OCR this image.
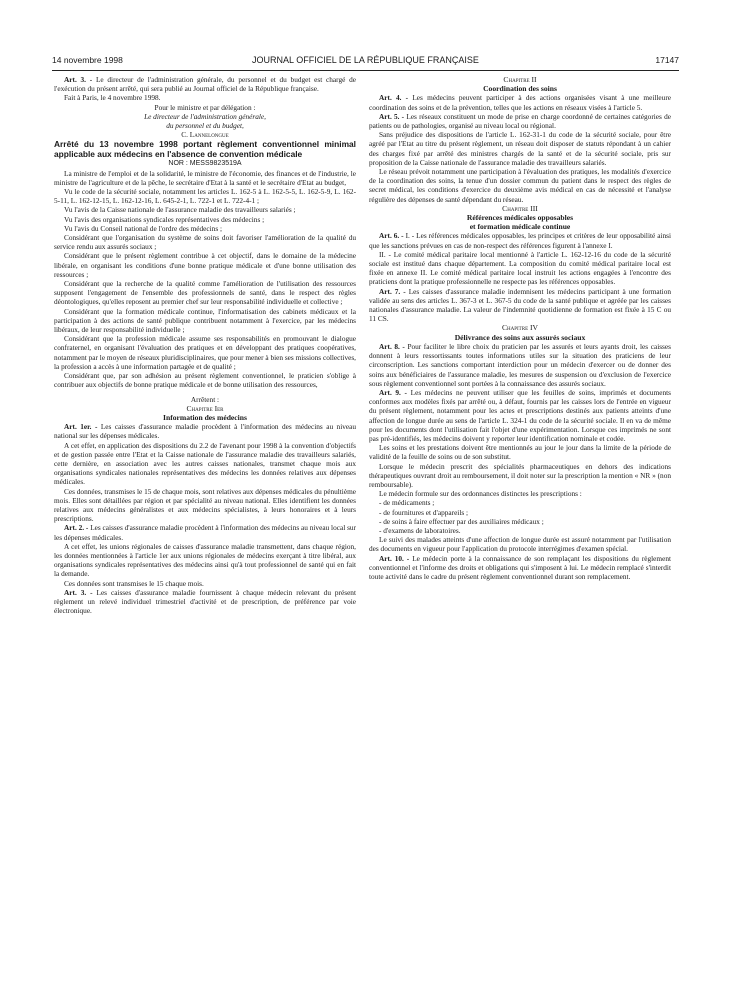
14 novembre 1998	JOURNAL OFFICIEL DE LA RÉPUBLIQUE FRANÇAISE	17147

Art. 3. - Le directeur de l'administration générale, du personnel et du budget est chargé de l'exécution du présent arrêté, qui sera publié au Journal officiel de la République française.

Fait à Paris, le 4 novembre 1998.

Pour le ministre et par délégation :

Le directeur de l'administration générale,

du personnel et du budget,

C. Lannelongue

Arrêté du 13 novembre 1998 portant règlement conventionnel minimal applicable aux médecins en l'absence de convention médicale

NOR : MESS9823519A

La ministre de l'emploi et de la solidarité, le ministre de l'économie, des finances et de l'industrie, le ministre de l'agriculture et de la pêche, le secrétaire d'Etat à la santé et le secrétaire d'Etat au budget,

Vu le code de la sécurité sociale, notamment les articles L. 162-5 à L. 162-5-5, L. 162-5-9, L. 162-5-11, L. 162-12-15, L. 162-12-16, L. 645-2-1, L. 722-1 et L. 722-4-1 ;

Vu l'avis de la Caisse nationale de l'assurance maladie des travailleurs salariés ;

Vu l'avis des organisations syndicales représentatives des médecins ;

Vu l'avis du Conseil national de l'ordre des médecins ;

Considérant que l'organisation du système de soins doit favoriser l'amélioration de la qualité du service rendu aux assurés sociaux ;

Considérant que le présent règlement contribue à cet objectif, dans le domaine de la médecine libérale, en organisant les conditions d'une bonne pratique médicale et d'une bonne utilisation des ressources ;

Considérant que la recherche de la qualité comme l'amélioration de l'utilisation des ressources supposent l'engagement de l'ensemble des professionnels de santé, dans le respect des règles déontologiques, qu'elles reposent au premier chef sur leur responsabilité individuelle et collective ;

Considérant que la formation médicale continue, l'informatisation des cabinets médicaux et la participation à des actions de santé publique contribuent notamment à l'exercice, par les médecins libéraux, de leur responsabilité individuelle ;

Considérant que la profession médicale assume ses responsabilités en promouvant le dialogue confraternel, en organisant l'évaluation des pratiques et en développant des pratiques coopératives, notamment par le moyen de réseaux pluridisciplinaires, que pour mener à bien ses missions collectives, la profession a accès à une information partagée et de qualité ;

Considérant que, par son adhésion au présent règlement conventionnel, le praticien s'oblige à contribuer aux objectifs de bonne pratique médicale et de bonne utilisation des ressources,

Arrêtent :

Chapitre Ier

Information des médecins

Art. 1er. - Les caisses d'assurance maladie procèdent à l'information des médecins au niveau national sur les dépenses médicales.

A cet effet, en application des dispositions du 2.2 de l'avenant pour 1998 à la convention d'objectifs et de gestion passée entre l'Etat et la Caisse nationale de l'assurance maladie des travailleurs salariés, cette dernière, en association avec les autres caisses nationales, transmet chaque mois aux organisations syndicales nationales représentatives des médecins les données relatives aux dépenses médicales.

Ces données, transmises le 15 de chaque mois, sont relatives aux dépenses médicales du pénultième mois. Elles sont détaillées par région et par spécialité au niveau national. Elles identifient les données relatives aux médecins généralistes et aux médecins spécialistes, à leurs honoraires et à leurs prescriptions.

Art. 2. - Les caisses d'assurance maladie procèdent à l'information des médecins au niveau local sur les dépenses médicales.

A cet effet, les unions régionales de caisses d'assurance maladie transmettent, dans chaque région, les données mentionnées à l'article 1er aux unions régionales de médecins exerçant à titre libéral, aux organisations syndicales représentatives des médecins ainsi qu'à tout professionnel de santé qui en fait la demande.

Ces données sont transmises le 15 chaque mois.

Art. 3. - Les caisses d'assurance maladie fournissent à chaque médecin relevant du présent règlement un relevé individuel trimestriel d'activité et de prescription, de préférence par voie électronique.

Chapitre II

Coordination des soins

Art. 4. - Les médecins peuvent participer à des actions organisées visant à une meilleure coordination des soins et de la prévention, telles que les actions en réseaux visées à l'article 5.

Art. 5. - Les réseaux constituent un mode de prise en charge coordonné de certaines catégories de patients ou de pathologies, organisé au niveau local ou régional.

Sans préjudice des dispositions de l'article L. 162-31-1 du code de la sécurité sociale, pour être agréé par l'Etat au titre du présent règlement, un réseau doit disposer de statuts répondant à un cahier des charges fixé par arrêté des ministres chargés de la santé et de la sécurité sociale, pris sur proposition de la Caisse nationale de l'assurance maladie des travailleurs salariés.

Le réseau prévoit notamment une participation à l'évaluation des pratiques, les modalités d'exercice de la coordination des soins, la tenue d'un dossier commun du patient dans le respect des règles de secret médical, les conditions d'exercice du deuxième avis médical en cas de nécessité et l'analyse régulière des dépenses de santé dépendant du réseau.

Chapitre III

Références médicales opposables

et formation médicale continue

Art. 6. - I. - Les références médicales opposables, les principes et critères de leur opposabilité ainsi que les sanctions prévues en cas de non-respect des références figurent à l'annexe I.

II. - Le comité médical paritaire local mentionné à l'article L. 162-12-16 du code de la sécurité sociale est institué dans chaque département. La composition du comité médical paritaire local est fixée en annexe II. Le comité médical paritaire local instruit les actions engagées à l'encontre des praticiens dont la pratique professionnelle ne respecte pas les références opposables.

Art. 7. - Les caisses d'assurance maladie indemnisent les médecins participant à une formation validée au sens des articles L. 367-3 et L. 367-5 du code de la santé publique et agréée par les caisses nationales d'assurance maladie. La valeur de l'indemnité quotidienne de formation est fixée à 15 C ou 11 CS.

Chapitre IV

Délivrance des soins aux assurés sociaux

Art. 8. - Pour faciliter le libre choix du praticien par les assurés et leurs ayants droit, les caisses donnent à leurs ressortissants toutes informations utiles sur la situation des praticiens de leur circonscription. Les sanctions comportant interdiction pour un médecin d'exercer ou de donner des soins aux bénéficiaires de l'assurance maladie, les mesures de suspension ou d'exclusion de l'exercice sous règlement conventionnel sont portées à la connaissance des assurés sociaux.

Art. 9. - Les médecins ne peuvent utiliser que les feuilles de soins, imprimés et documents conformes aux modèles fixés par arrêté ou, à défaut, fournis par les caisses lors de l'entrée en vigueur du présent règlement, notamment pour les actes et prescriptions destinés aux patients atteints d'une affection de longue durée au sens de l'article L. 324-1 du code de la sécurité sociale. Il en va de même pour les documents dont l'utilisation fait l'objet d'une expérimentation. Lorsque ces imprimés ne sont pas pré-identifiés, les médecins doivent y reporter leur identification nominale et codée.

Les soins et les prestations doivent être mentionnés au jour le jour dans la limite de la période de validité de la feuille de soins ou de son substitut.

Lorsque le médecin prescrit des spécialités pharmaceutiques en dehors des indications thérapeutiques ouvrant droit au remboursement, il doit noter sur la prescription la mention « NR » (non remboursable).

Le médecin formule sur des ordonnances distinctes les prescriptions :

- de médicaments ;

- de fournitures et d'appareils ;

- de soins à faire effectuer par des auxiliaires médicaux ;

- d'examens de laboratoires.

Le suivi des malades atteints d'une affection de longue durée est assuré notamment par l'utilisation des documents en vigueur pour l'application du protocole interrégimes d'examen spécial.

Art. 10. - Le médecin porte à la connaissance de son remplaçant les dispositions du règlement conventionnel et l'informe des droits et obligations qui s'imposent à lui. Le médecin remplacé s'interdit toute activité dans le cadre du présent règlement conventionnel durant son remplacement.
